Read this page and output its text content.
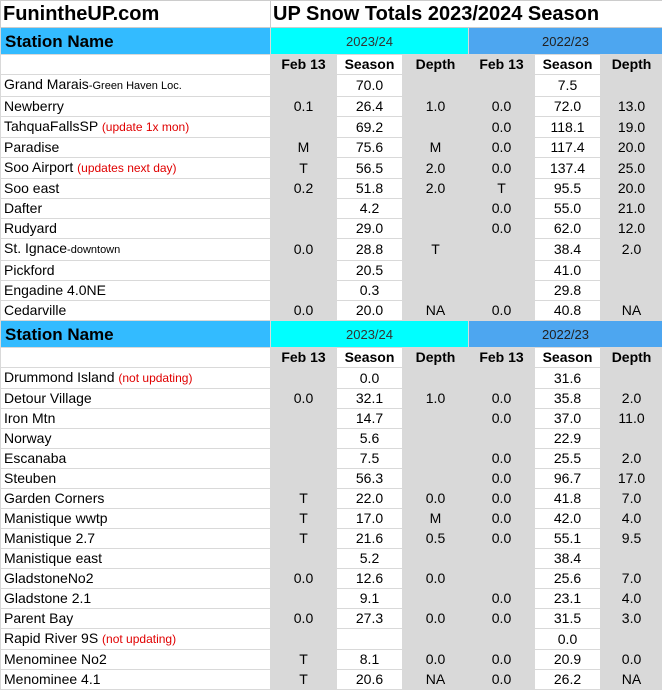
FunintheUP.com	UP Snow Totals 2023/2024 Season					
Station Name	2023/24			2022/23		
	Feb 13	Season	Depth	Feb 13	Season	Depth
Grand Marais-Green Haven Loc.		70.0			7.5	
Newberry	0.1	26.4	1.0	0.0	72.0	13.0
TahquaFallsSP (update 1x mon)		69.2		0.0	118.1	19.0
Paradise	M	75.6	M	0.0	117.4	20.0
Soo Airport (updates next day)	T	56.5	2.0	0.0	137.4	25.0
Soo east	0.2	51.8	2.0	T	95.5	20.0
Dafter		4.2		0.0	55.0	21.0
Rudyard		29.0		0.0	62.0	12.0
St. Ignace-downtown	0.0	28.8	T		38.4	2.0
Pickford		20.5			41.0	
Engadine 4.0NE		0.3			29.8	
Cedarville	0.0	20.0	NA	0.0	40.8	NA
Station Name	2023/24			2022/23		
	Feb 13	Season	Depth	Feb 13	Season	Depth
Drummond Island (not updating)		0.0			31.6	
Detour Village	0.0	32.1	1.0	0.0	35.8	2.0
Iron Mtn		14.7		0.0	37.0	11.0
Norway		5.6			22.9	
Escanaba		7.5		0.0	25.5	2.0
Steuben		56.3		0.0	96.7	17.0
Garden Corners	T	22.0	0.0	0.0	41.8	7.0
Manistique wwtp	T	17.0	M	0.0	42.0	4.0
Manistique 2.7	T	21.6	0.5	0.0	55.1	9.5
Manistique east		5.2			38.4	
GladstoneNo2	0.0	12.6	0.0		25.6	7.0
Gladstone 2.1		9.1		0.0	23.1	4.0
Parent Bay	0.0	27.3	0.0	0.0	31.5	3.0
Rapid River 9S (not updating)					0.0	
Menominee No2	T	8.1	0.0	0.0	20.9	0.0
Menominee 4.1	T	20.6	NA	0.0	26.2	NA
